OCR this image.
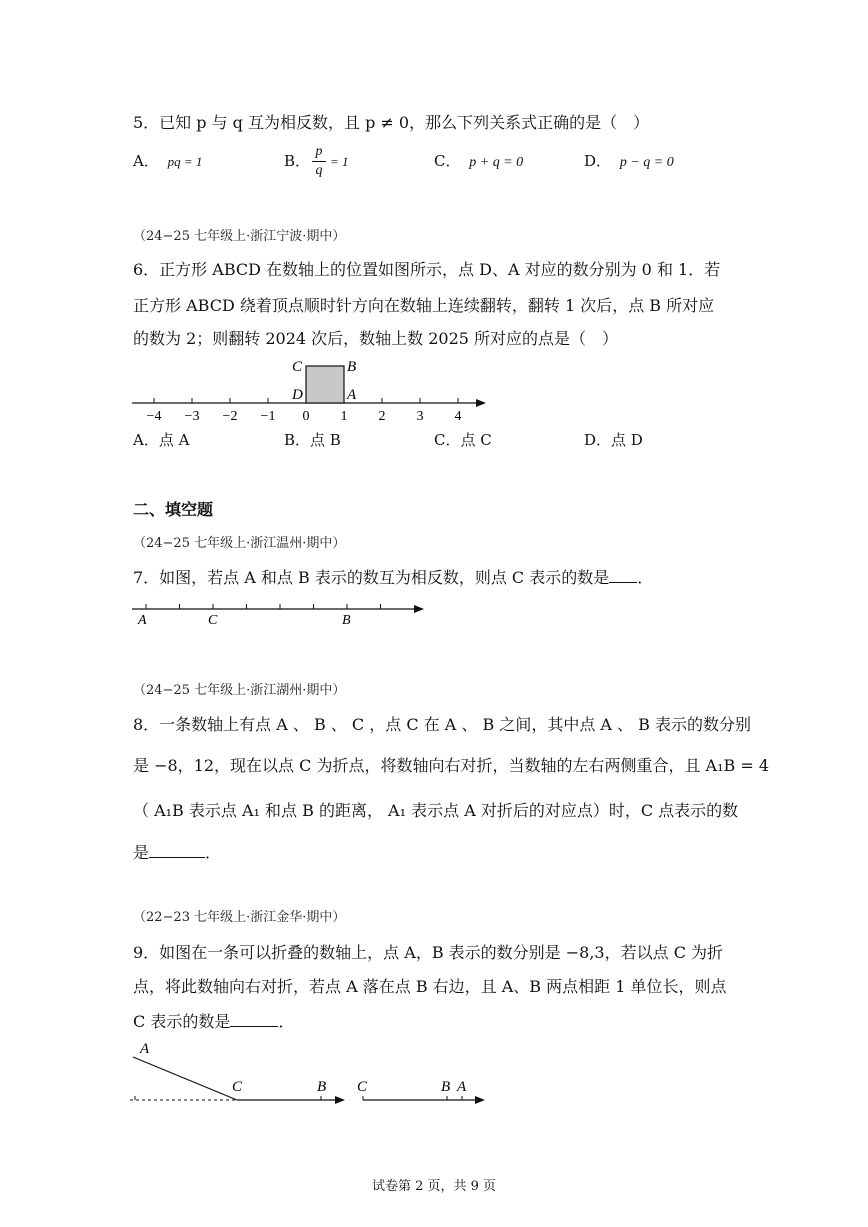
5．已知 p 与 q 互为相反数，且 p ≠ 0，那么下列关系式正确的是（　）
A． pq = 1	B．
p
q
= 1	C． p + q = 0	D． p − q = 0
（24−25 七年级上·浙江宁波·期中）
6．正方形 ABCD 在数轴上的位置如图所示，点 D、A 对应的数分别为 0 和 1．若
正方形 ABCD 绕着顶点顺时针方向在数轴上连续翻转，翻转 1 次后，点 B 所对应
的数为 2；则翻转 2024 次后，数轴上数 2025 所对应的点是（　）
−4 −3 −2 −1 0 1 2 3 4
C	B
D	A
A．点 A	B．点 B	C．点 C	D．点 D
二、填空题
（24−25 七年级上·浙江温州·期中）
7．如图，若点 A 和点 B 表示的数互为相反数，则点 C 表示的数是 ．
A	C	B
（24−25 七年级上·浙江湖州·期中）
8．一条数轴上有点 A 、 B 、 C ，点 C 在 A 、 B 之间，其中点 A 、 B 表示的数分别
是 −8，12，现在以点 C 为折点，将数轴向右对折，当数轴的左右两侧重合，且 A₁B = 4
（ A₁B 表示点 A₁ 和点 B 的距离， A₁ 表示点 A 对折后的对应点）时，C 点表示的数
是	．
（22−23 七年级上·浙江金华·期中）
9．如图在一条可以折叠的数轴上，点 A，B 表示的数分别是 −8,3，若以点 C 为折
点，将此数轴向右对折，若点 A 落在点 B 右边，且 A、B 两点相距 1 单位长，则点
C 表示的数是	．
A
C	B C	B A
试卷第 2 页，共 9 页
